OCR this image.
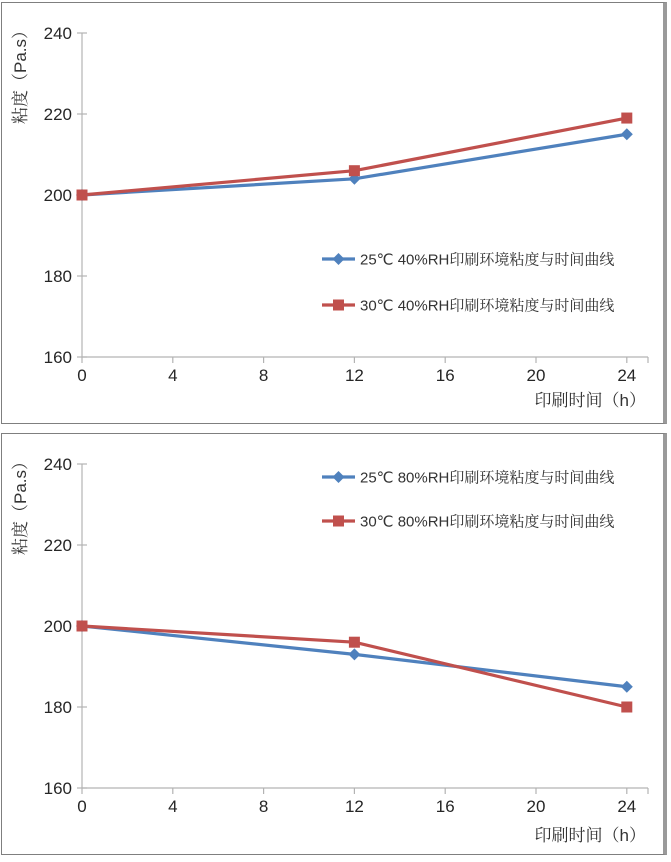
160
180
200
220
240
0	4	8	12	16	20	24
粘度（Pa.s）
印刷时间（h）
25℃ 40%RH印刷环境粘度与时间曲线
30℃ 40%RH印刷环境粘度与时间曲线
160
180
200
220
240
0	4	8	12	16	20	24
粘度（Pa.s）
印刷时间（h）
25℃ 80%RH印刷环境粘度与时间曲线
30℃ 80%RH印刷环境粘度与时间曲线
